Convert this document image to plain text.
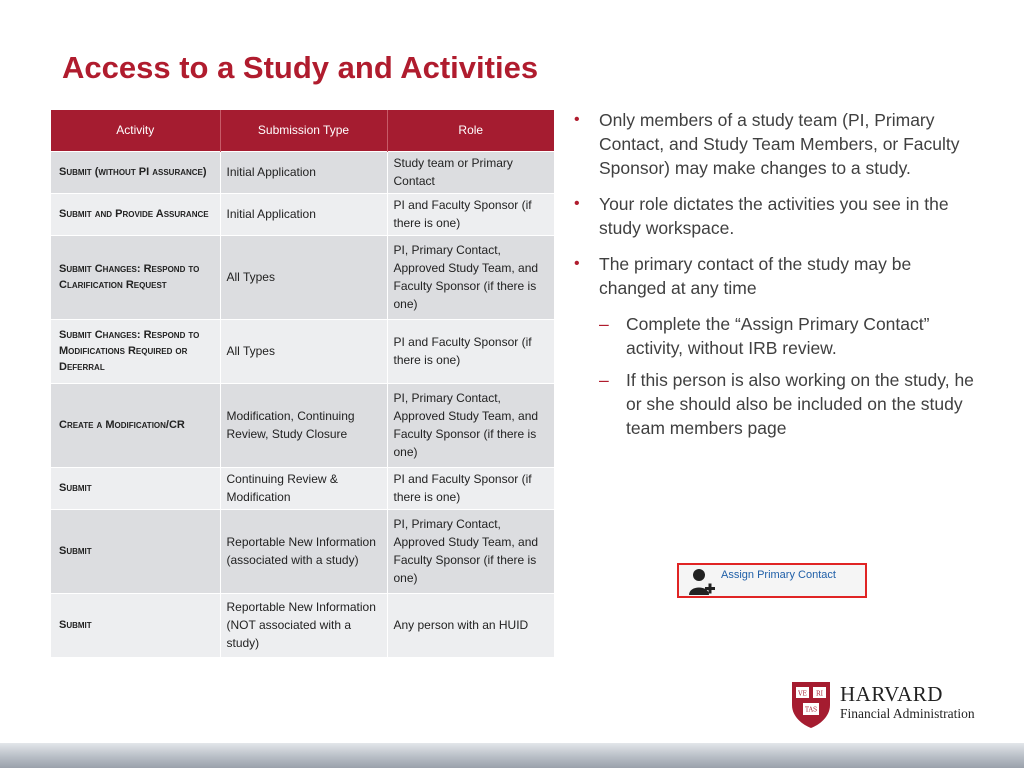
Access to a Study and Activities
Activity	Submission Type	Role
Submit (without PI assurance)	Initial Application	Study team or Primary Contact
Submit and Provide Assurance	Initial Application	PI and Faculty Sponsor (if there is one)
Submit Changes: Respond to Clarification Request	All Types	PI, Primary Contact, Approved Study Team, and Faculty Sponsor (if there is one)
Submit Changes: Respond to Modifications Required or Deferral	All Types	PI and Faculty Sponsor (if there is one)
Create a Modification/CR	Modification, Continuing Review, Study Closure	PI, Primary Contact, Approved Study Team, and Faculty Sponsor (if there is one)
Submit	Continuing Review & Modification	PI and Faculty Sponsor (if there is one)
Submit	Reportable New Information (associated with a study)	PI, Primary Contact, Approved Study Team, and Faculty Sponsor (if there is one)
Submit	Reportable New Information (NOT associated with a study)	Any person with an HUID
• Only members of a study team (PI, Primary Contact, and Study Team Members, or Faculty Sponsor) may make changes to a study.
• Your role dictates the activities you see in the study workspace.
• The primary contact of the study may be changed at any time
– Complete the “Assign Primary Contact” activity, without IRB review.
– If this person is also working on the study, he or she should also be included on the study team members page
Assign Primary Contact
VE RI
TAS
HARVARD
Financial Administration
